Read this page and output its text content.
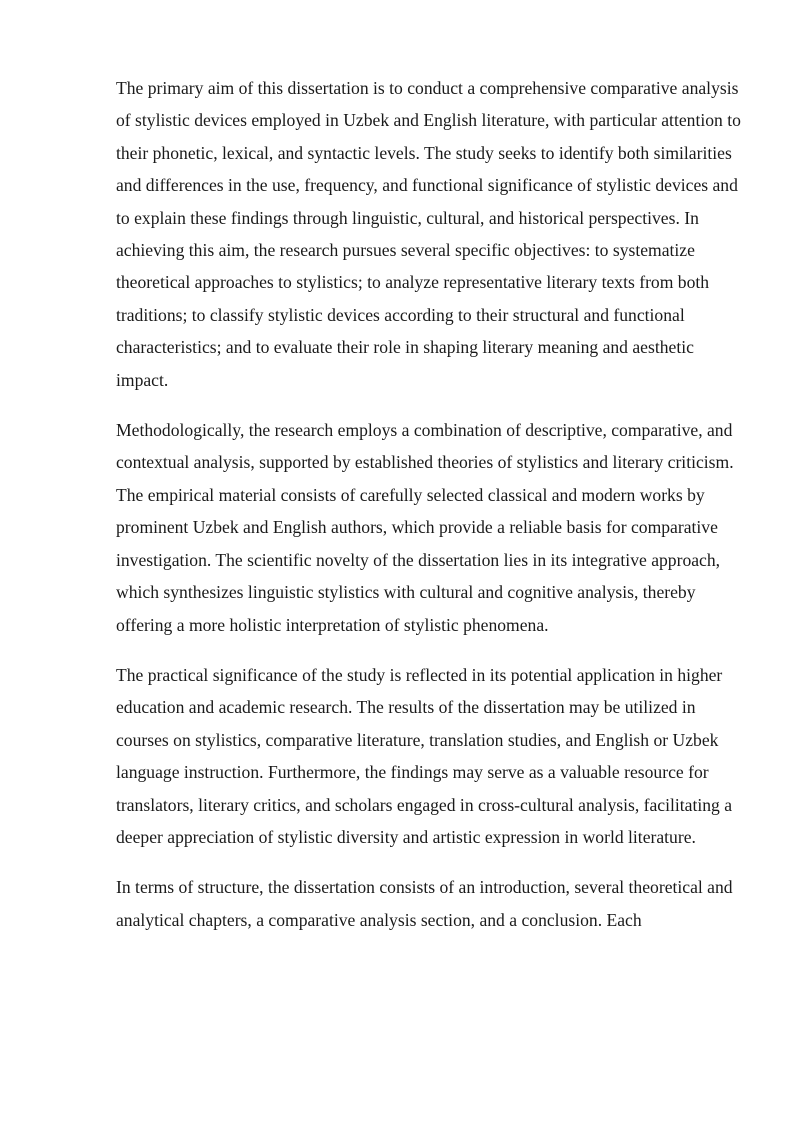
The primary aim of this dissertation is to conduct a comprehensive comparative analysis of stylistic devices employed in Uzbek and English literature, with particular attention to their phonetic, lexical, and syntactic levels. The study seeks to identify both similarities and differences in the use, frequency, and functional significance of stylistic devices and to explain these findings through linguistic, cultural, and historical perspectives. In achieving this aim, the research pursues several specific objectives: to systematize theoretical approaches to stylistics; to analyze representative literary texts from both traditions; to classify stylistic devices according to their structural and functional characteristics; and to evaluate their role in shaping literary meaning and aesthetic impact.

Methodologically, the research employs a combination of descriptive, comparative, and contextual analysis, supported by established theories of stylistics and literary criticism. The empirical material consists of carefully selected classical and modern works by prominent Uzbek and English authors, which provide a reliable basis for comparative investigation. The scientific novelty of the dissertation lies in its integrative approach, which synthesizes linguistic stylistics with cultural and cognitive analysis, thereby offering a more holistic interpretation of stylistic phenomena.

The practical significance of the study is reflected in its potential application in higher education and academic research. The results of the dissertation may be utilized in courses on stylistics, comparative literature, translation studies, and English or Uzbek language instruction. Furthermore, the findings may serve as a valuable resource for translators, literary critics, and scholars engaged in cross-cultural analysis, facilitating a deeper appreciation of stylistic diversity and artistic expression in world literature.

In terms of structure, the dissertation consists of an introduction, several theoretical and analytical chapters, a comparative analysis section, and a conclusion. Each
